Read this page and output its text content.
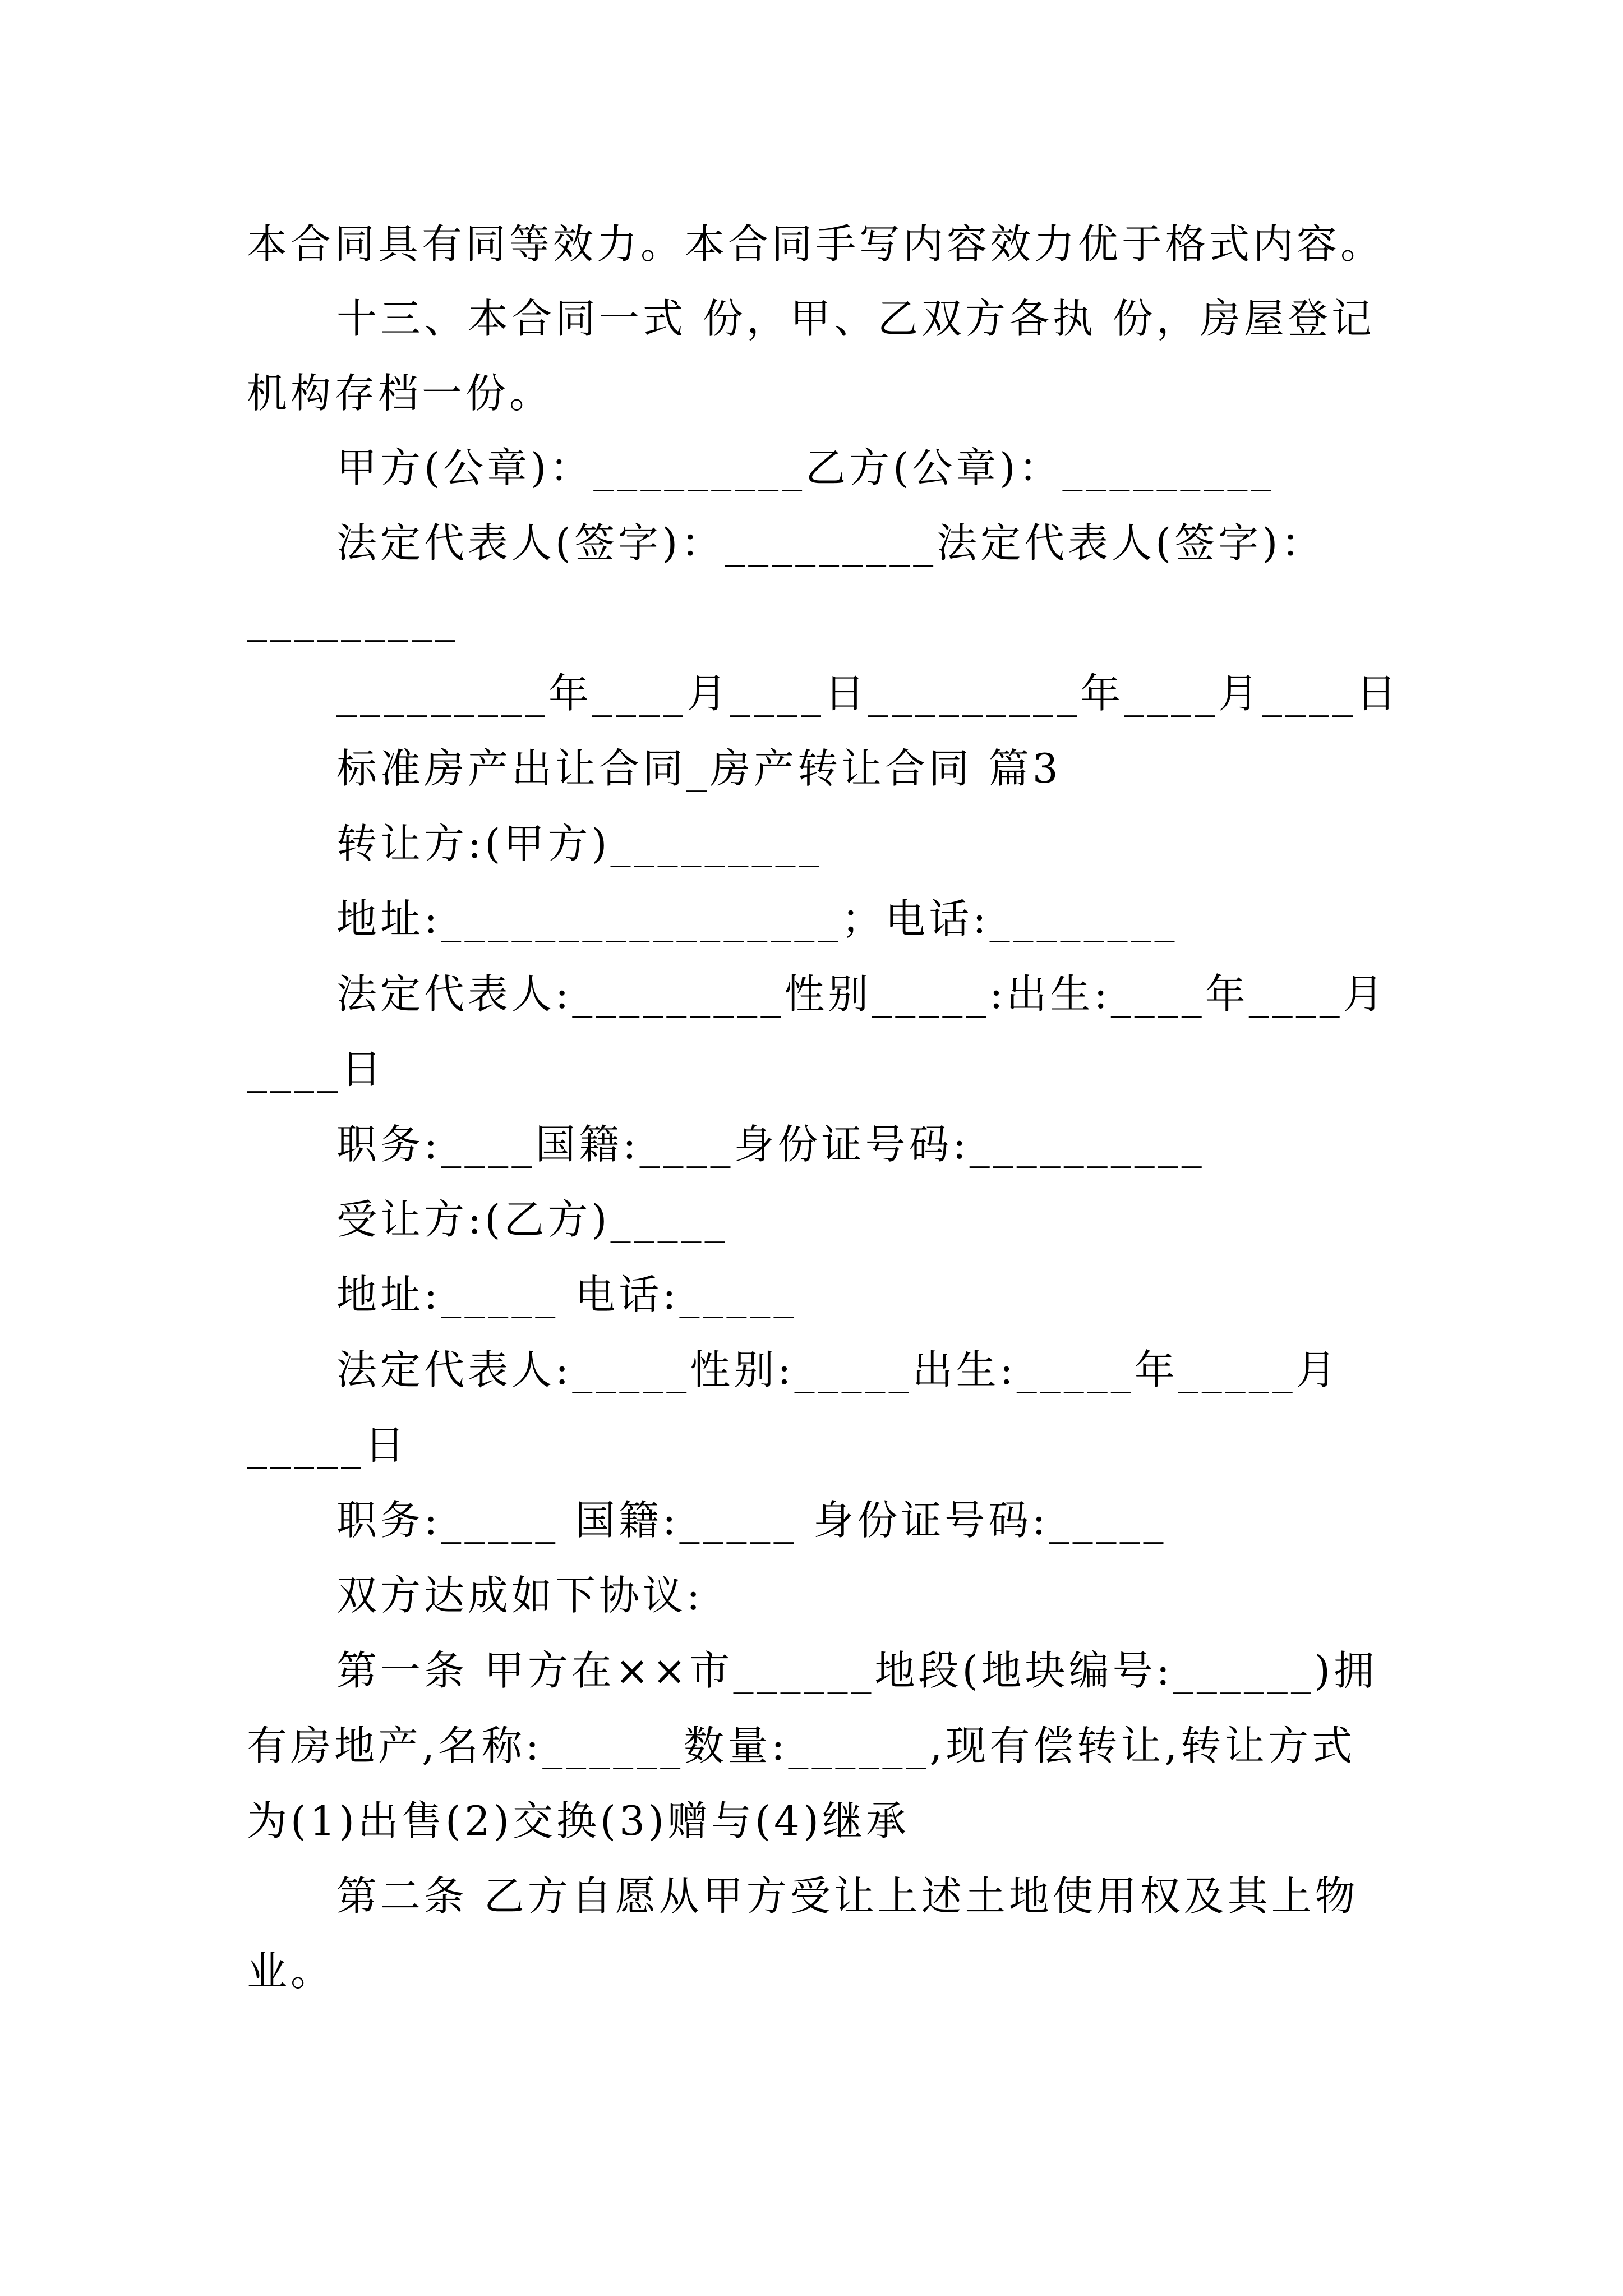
本合同具有同等效力。本合同手写内容效力优于格式内容。
十三、本合同一式 份，甲、乙双方各执 份，房屋登记
机构存档一份。
甲方(公章)：_________乙方(公章)：_________
法定代表人(签字)：_________法定代表人(签字)：
_________
_________年____月____日_________年____月____日
标准房产出让合同_房产转让合同 篇3
转让方:(甲方)_________
地址:_________________；电话:________
法定代表人:_________性别_____:出生:____年____月
____日
职务:____国籍:____身份证号码:__________
受让方:(乙方)_____
地址:_____ 电话:_____
法定代表人:_____性别:_____出生:_____年_____月
_____日
职务:_____ 国籍:_____ 身份证号码:_____
双方达成如下协议:
第一条 甲方在××市______地段(地块编号:______)拥
有房地产,名称:______数量:______,现有偿转让,转让方式
为(1)出售(2)交换(3)赠与(4)继承
第二条 乙方自愿从甲方受让上述土地使用权及其上物
业。
